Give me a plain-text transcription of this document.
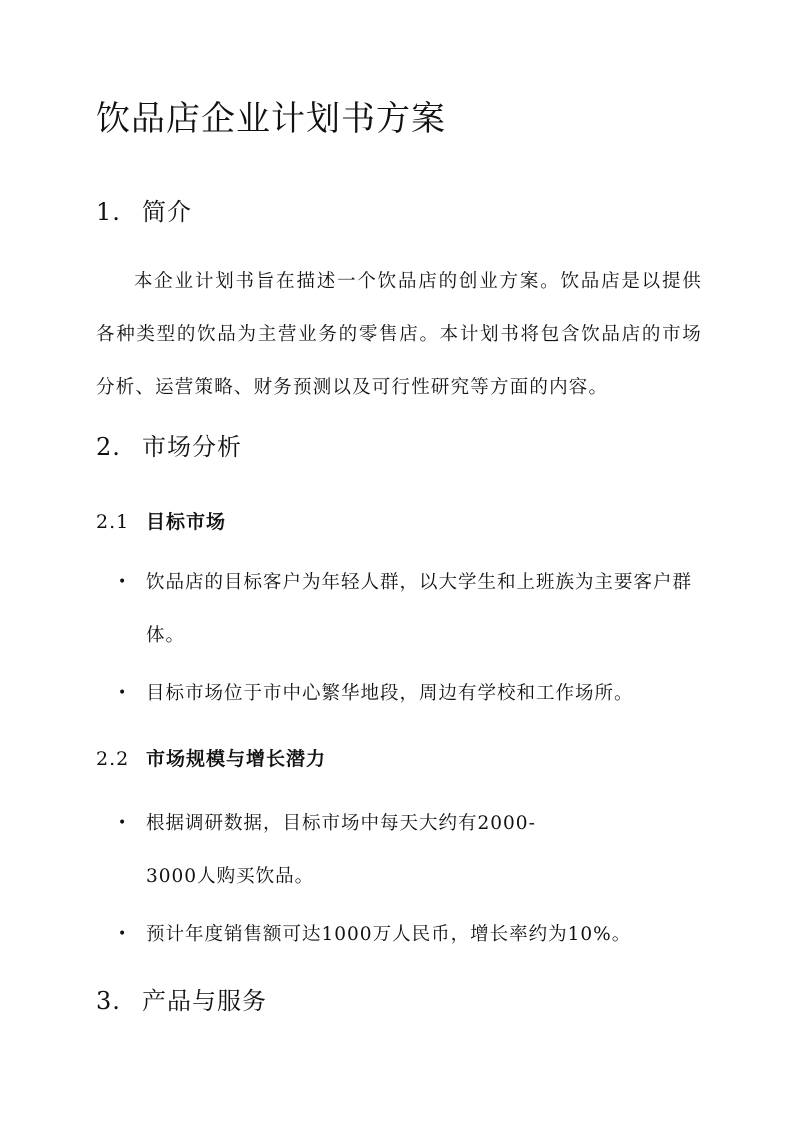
饮品店企业计划书方案
1. 简介

本企业计划书旨在描述一个饮品店的创业方案。饮品店是以提供各种类型的饮品为主营业务的零售店。本计划书将包含饮品店的市场分析、运营策略、财务预测以及可行性研究等方面的内容。

2. 市场分析
2.1 目标市场
• 饮品店的目标客户为年轻人群，以大学生和上班族为主要客户群体。
• 目标市场位于市中心繁华地段，周边有学校和工作场所。
2.2 市场规模与增长潜力
• 根据调研数据，目标市场中每天大约有2000-3000人购买饮品。
• 预计年度销售额可达1000万人民币，增长率约为10%。
3. 产品与服务
